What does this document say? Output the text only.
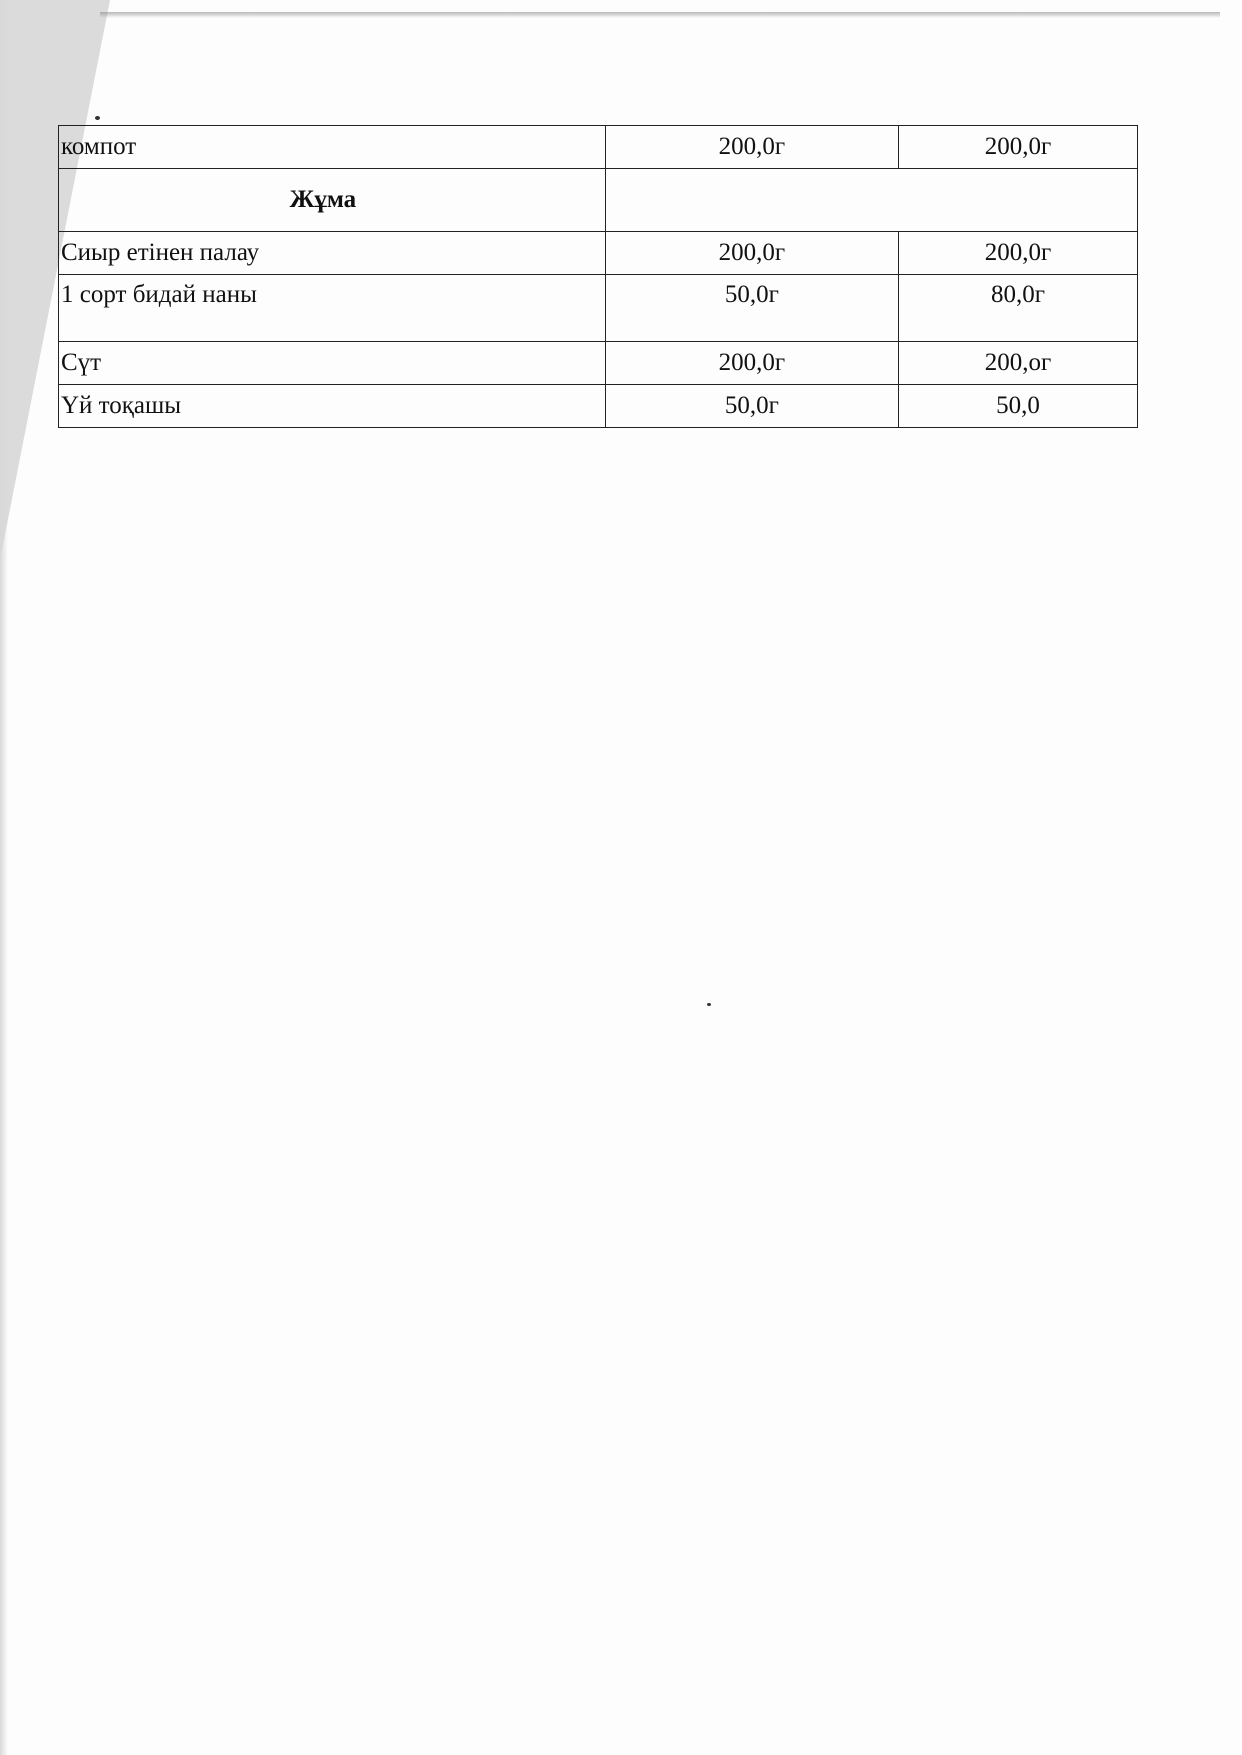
компот	200,0г	200,0г
Жұма		
Сиыр етінен палау	200,0г	200,0г
1 сорт бидай наны	50,0г	80,0г
Сүт	200,0г	200,ог
Үй тоқашы	50,0г	50,0
